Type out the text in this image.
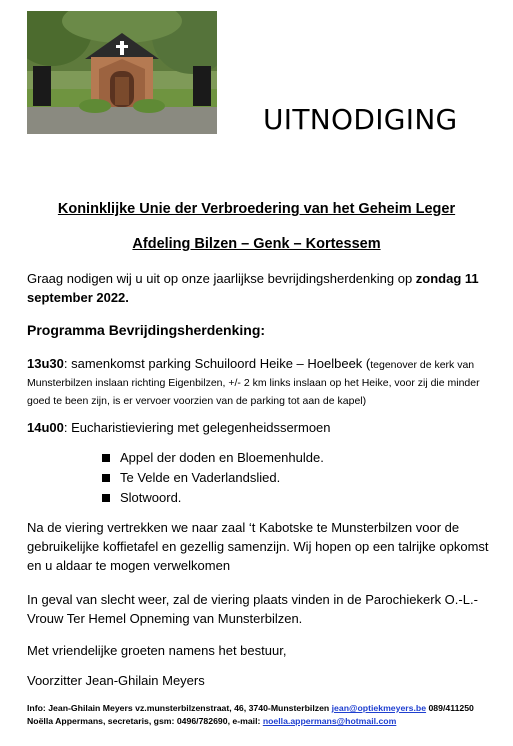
UITNODIGING
Koninklijke Unie der Verbroedering van het Geheim Leger
Afdeling Bilzen – Genk – Kortessem
Graag nodigen wij u uit op onze jaarlijkse bevrijdingsherdenking op zondag 11 september 2022.
Programma Bevrijdingsherdenking:
13u30: samenkomst parking Schuiloord Heike – Hoelbeek (tegenover de kerk van Munsterbilzen inslaan richting Eigenbilzen, +/- 2 km links inslaan op het Heike, voor zij die minder goed te been zijn, is er vervoer voorzien van de parking tot aan de kapel)
14u00: Eucharistieviering met gelegenheidssermoen
Appel der doden en Bloemenhulde.
Te Velde en Vaderlandslied.
Slotwoord.
Na de viering vertrekken we naar zaal ‘t Kabotske te Munsterbilzen voor de gebruikelijke koffietafel en gezellig samenzijn. Wij hopen op een talrijke opkomst en u aldaar te mogen verwelkomen
In geval van slecht weer, zal de viering plaats vinden in de Parochiekerk O.-L.-Vrouw Ter Hemel Opneming van Munsterbilzen.
Met vriendelijke groeten namens het bestuur,
Voorzitter Jean-Ghilain Meyers
Info: Jean-Ghilain Meyers vz.munsterbilzenstraat, 46, 3740-Munsterbilzen jean@optiekmeyers.be 089/411250
Noëlla Appermans, secretaris, gsm: 0496/782690, e-mail: noella.appermans@hotmail.com
